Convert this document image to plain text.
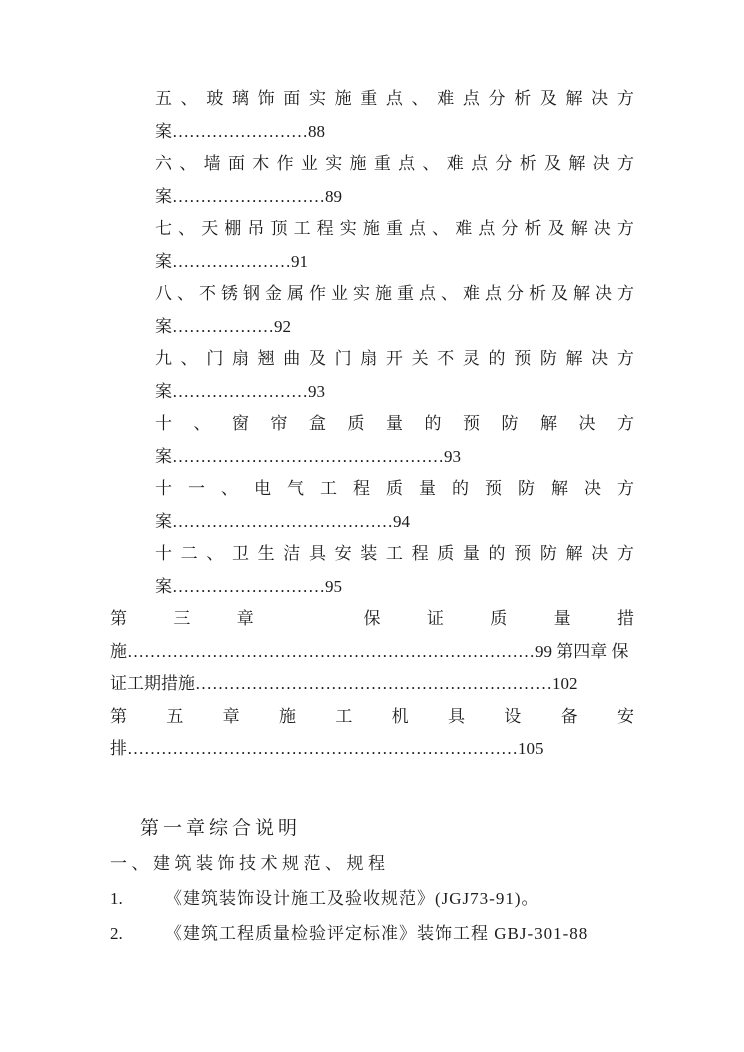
五 、 玻 璃 饰 面 实 施 重 点 、 难 点 分 析 及 解 决 方
案……………………88
六 、 墙 面 木 作 业 实 施 重 点 、 难 点 分 析 及 解 决 方
案………………………89
七 、 天 棚 吊 顶 工 程 实 施 重 点 、 难 点 分 析 及 解 决 方
案…………………91
八 、 不 锈 钢 金 属 作 业 实 施 重 点 、 难 点 分 析 及 解 决 方
案………………92
九 、 门 扇 翘 曲 及 门 扇 开 关 不 灵 的 预 防 解 决 方
案……………………93
十 、 窗 帘 盒 质 量 的 预 防 解 决 方
案…………………………………………93
十 一 、 电 气 工 程 质 量 的 预 防 解 决 方
案…………………………………94
十 二 、 卫 生 洁 具 安 装 工 程 质 量 的 预 防 解 决 方
案………………………95
第	三	章
	保	证	质	量	措
施………………………………………………………………99 第四章 保
证工期措施………………………………………………………102
第 五 章 施 工 机 具 设 备 安
排……………………………………………………………105
第一章综合说明
一、建筑装饰技术规范、规程
1. 《建筑装饰设计施工及验收规范》(JGJ73-91)。
2. 《建筑工程质量检验评定标准》装饰工程 GBJ-301-88
